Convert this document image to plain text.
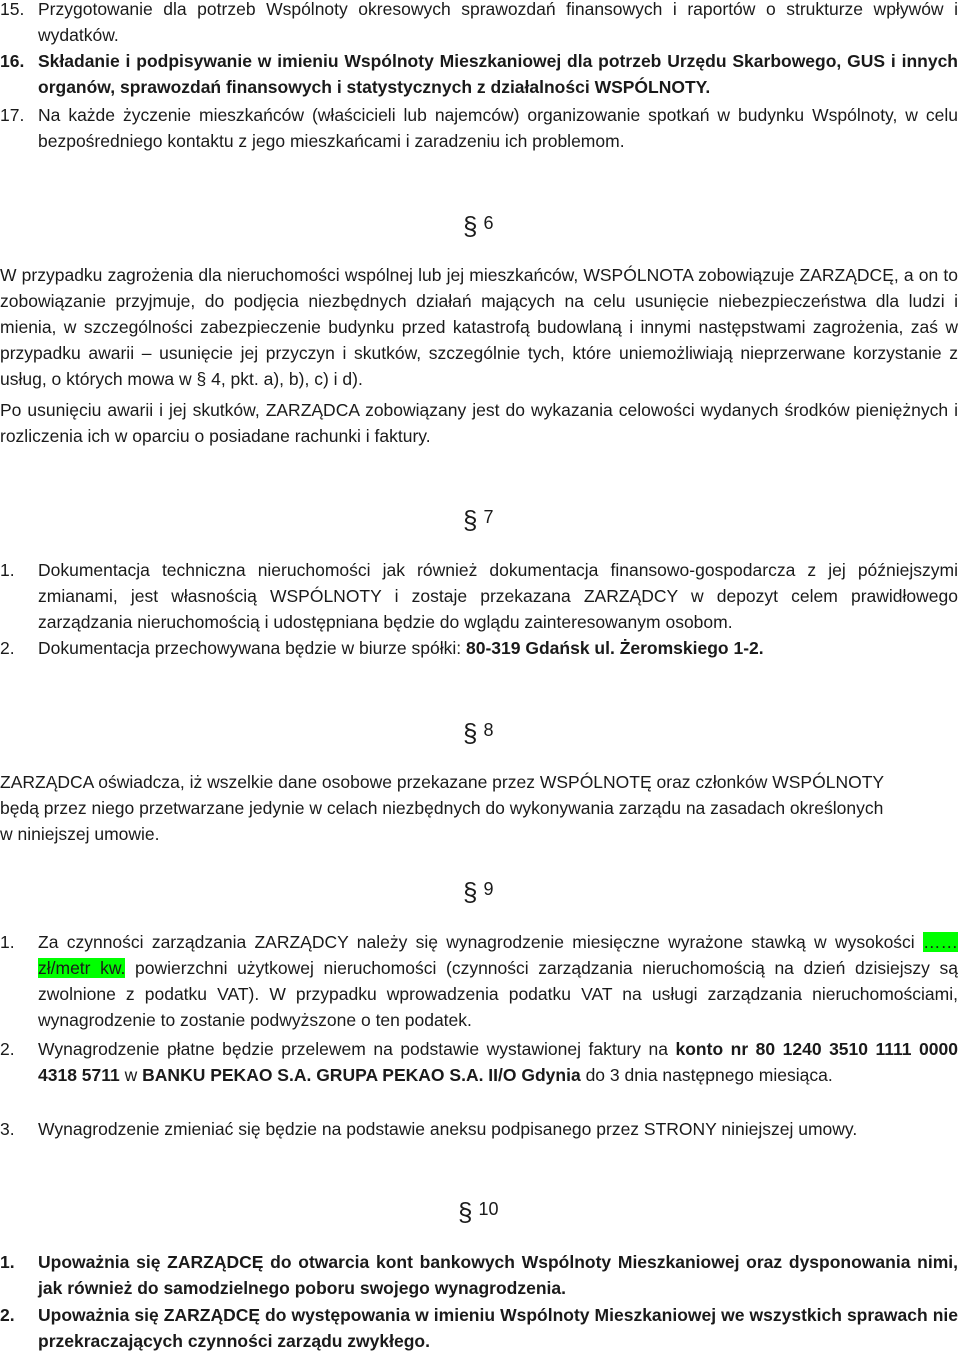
15. Przygotowanie dla potrzeb Wspólnoty okresowych sprawozdań finansowych i raportów o strukturze wpływów i wydatków.
16. Składanie i podpisywanie w imieniu Wspólnoty Mieszkaniowej dla potrzeb Urzędu Skarbowego, GUS i innych organów, sprawozdań finansowych i statystycznych z działalności WSPÓLNOTY.
17. Na każde życzenie mieszkańców (właścicieli lub najemców) organizowanie spotkań w budynku Wspólnoty, w celu bezpośredniego kontaktu z jego mieszkańcami i zaradzeniu ich problemom.
§ 6
W przypadku zagrożenia dla nieruchomości wspólnej lub jej mieszkańców, WSPÓLNOTA zobowiązuje ZARZĄDCĘ, a on to zobowiązanie przyjmuje, do podjęcia niezbędnych działań mających na celu usunięcie niebezpieczeństwa dla ludzi i mienia, w szczególności zabezpieczenie budynku przed katastrofą budowlaną i innymi następstwami zagrożenia, zaś w przypadku awarii – usunięcie jej przyczyn i skutków, szczególnie tych, które uniemożliwiają nieprzerwane korzystanie z usług, o których mowa w § 4, pkt. a), b), c) i d).
Po usunięciu awarii i jej skutków, ZARZĄDCA zobowiązany jest do wykazania celowości wydanych środków pieniężnych i rozliczenia ich w oparciu o posiadane rachunki i faktury.
§ 7
1.	Dokumentacja techniczna nieruchomości jak również dokumentacja finansowo-gospodarcza z jej późniejszymi zmianami, jest własnością WSPÓLNOTY i zostaje przekazana ZARZĄDCY w depozyt celem prawidłowego zarządzania nieruchomością i udostępniana będzie do wglądu zainteresowanym osobom.
2.	Dokumentacja przechowywana będzie w biurze spółki: 80-319 Gdańsk ul. Żeromskiego 1-2.
§ 8
ZARZĄDCA oświadcza, iż wszelkie dane osobowe przekazane przez WSPÓLNOTĘ oraz członków WSPÓLNOTY będą przez niego przetwarzane jedynie w celach niezbędnych do wykonywania zarządu na zasadach określonych w niniejszej umowie.
§ 9
1.	Za czynności zarządzania ZARZĄDCY należy się wynagrodzenie miesięczne wyrażone stawką w wysokości …… zł/metr kw. powierzchni użytkowej nieruchomości (czynności zarządzania nieruchomością na dzień dzisiejszy są zwolnione z podatku VAT). W przypadku wprowadzenia podatku VAT na usługi zarządzania nieruchomościami, wynagrodzenie to zostanie podwyższone o ten podatek.
2.	Wynagrodzenie płatne będzie przelewem na podstawie wystawionej faktury na konto nr 80 1240 3510 1111 0000 4318 5711 w BANKU PEKAO S.A. GRUPA PEKAO S.A. II/O Gdynia do 3 dnia następnego miesiąca.
3.	Wynagrodzenie zmieniać się będzie na podstawie aneksu podpisanego przez STRONY niniejszej umowy.
§ 10
1.	Upoważnia się ZARZĄDCĘ do otwarcia kont bankowych Wspólnoty Mieszkaniowej oraz dysponowania nimi, jak również do samodzielnego poboru swojego wynagrodzenia.
2.	Upoważnia się ZARZĄDCĘ do występowania w imieniu Wspólnoty Mieszkaniowej we wszystkich sprawach nie przekraczających czynności zarządu zwykłego.
